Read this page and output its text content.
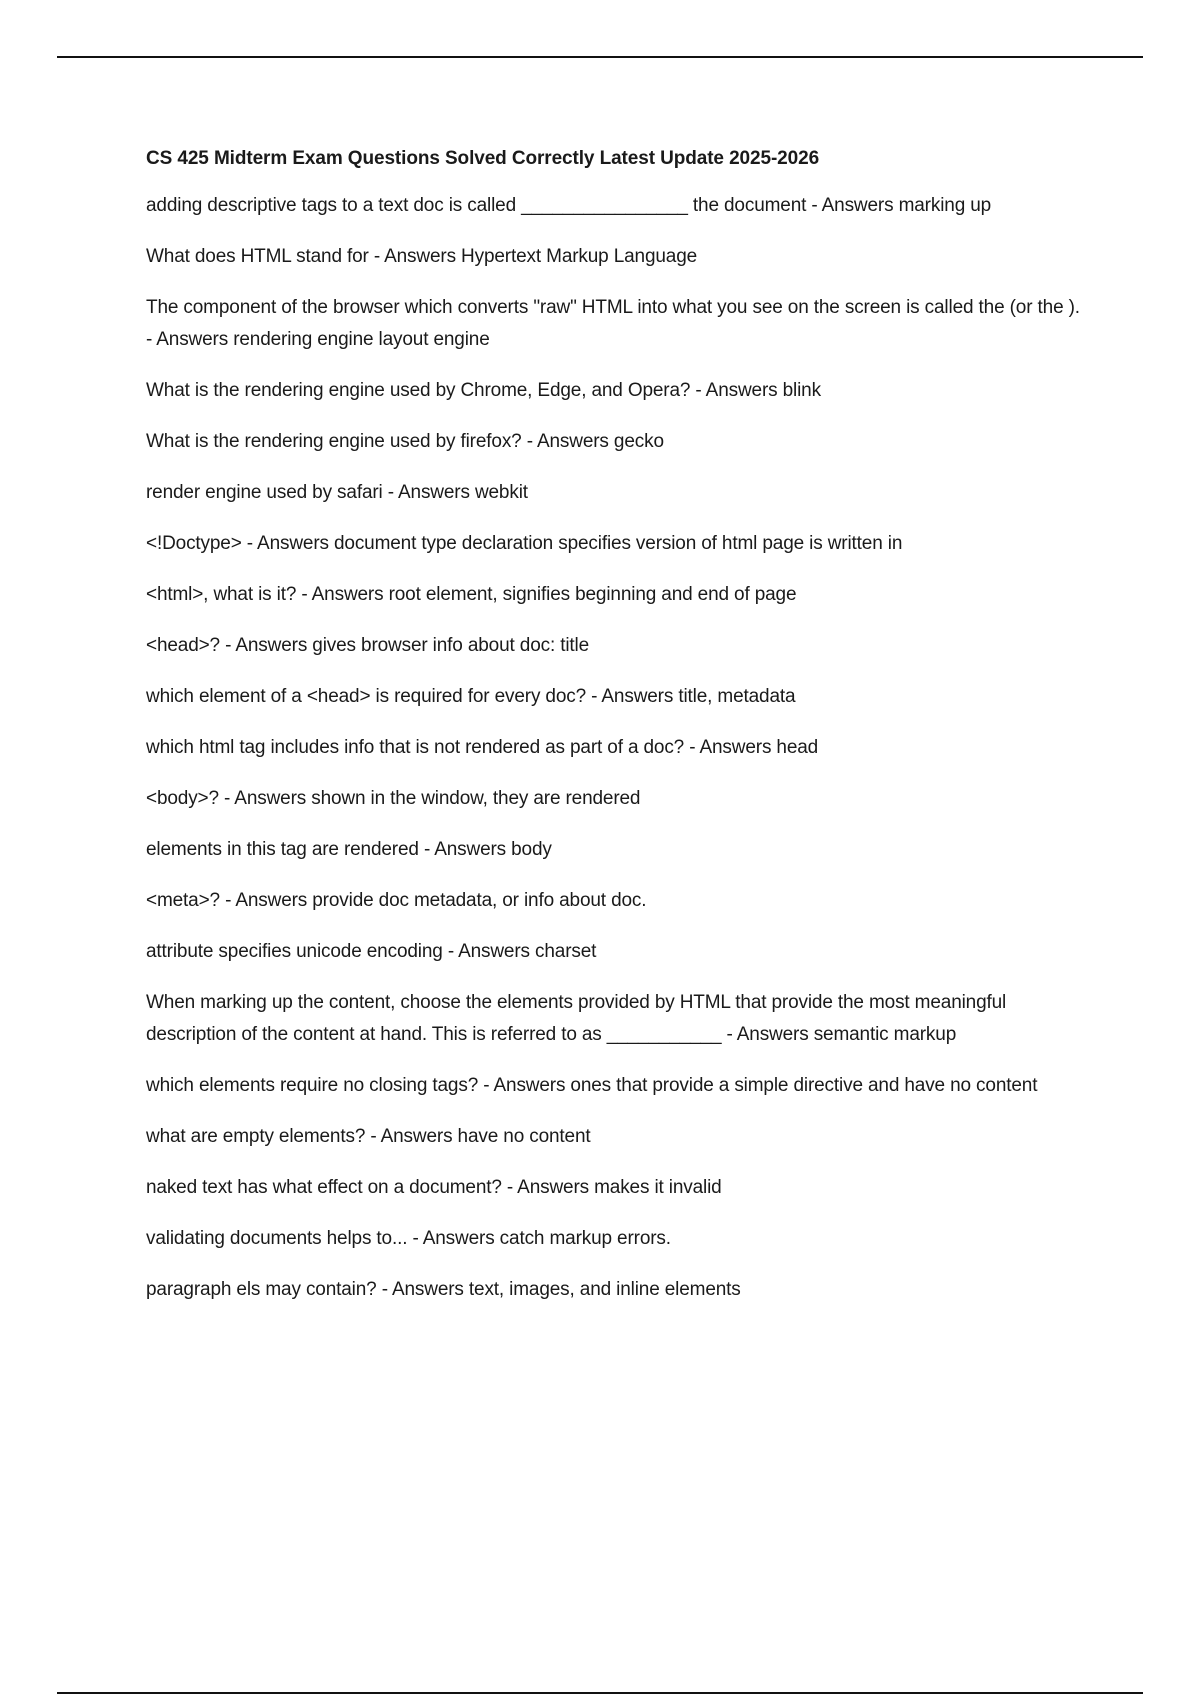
CS 425 Midterm Exam Questions Solved Correctly Latest Update 2025-2026
adding descriptive tags to a text doc is called ________________ the document - Answers marking up
What does HTML stand for - Answers Hypertext Markup Language
The component of the browser which converts "raw" HTML into what you see on the screen is called the (or the ). - Answers rendering engine layout engine
What is the rendering engine used by Chrome, Edge, and Opera? - Answers blink
What is the rendering engine used by firefox? - Answers gecko
render engine used by safari - Answers webkit
<!Doctype> - Answers document type declaration specifies version of html page is written in
<html>, what is it? - Answers root element, signifies beginning and end of page
<head>? - Answers gives browser info about doc: title
which element of a <head> is required for every doc? - Answers title, metadata
which html tag includes info that is not rendered as part of a doc? - Answers head
<body>? - Answers shown in the window, they are rendered
elements in this tag are rendered - Answers body
<meta>? - Answers provide doc metadata, or info about doc.
attribute specifies unicode encoding - Answers charset
When marking up the content, choose the elements provided by HTML that provide the most meaningful description of the content at hand. This is referred to as ___________ - Answers semantic markup
which elements require no closing tags? - Answers ones that provide a simple directive and have no content
what are empty elements? - Answers have no content
naked text has what effect on a document? - Answers makes it invalid
validating documents helps to... - Answers catch markup errors.
paragraph els may contain? - Answers text, images, and inline elements
